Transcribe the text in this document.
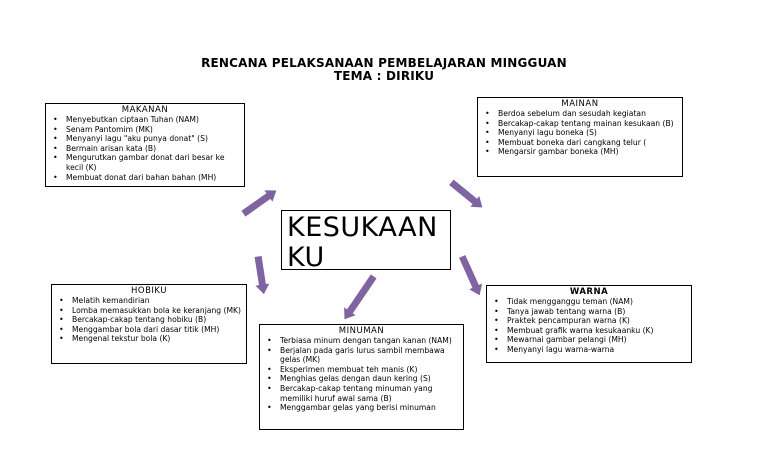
RENCANA PELAKSANAAN PEMBELAJARAN MINGGUAN
TEMA : DIRIKU
MAKANAN
• Menyebutkan ciptaan Tuhan (NAM)
• Senam Pantomim (MK)
• Menyanyi lagu "aku punya donat" (S)
• Bermain arisan kata (B)
• Mengurutkan gambar donat dari besar ke kecil (K)
• Membuat donat dari bahan bahan (MH)
MAINAN
• Berdoa sebelum dan sesudah kegiatan
• Bercakap-cakap tentang mainan kesukaan (B)
• Menyanyi lagu boneka (S)
• Membuat boneka dari cangkang telur (
• Mengarsir gambar boneka (MH)
KESUKAAN KU
HOBIKU
• Melatih kemandirian
• Lomba memasukkan bola ke keranjang (MK)
• Bercakap-cakap tentang hobiku (B)
• Menggambar bola dari dasar titik (MH)
• Mengenal tekstur bola (K)
MINUMAN
• Terbiasa minum dengan tangan kanan (NAM)
• Berjalan pada garis lurus sambil membawa gelas (MK)
• Eksperimen membuat teh manis (K)
• Menghias gelas dengan daun kering (S)
• Bercakap-cakap tentang minuman yang memiliki huruf awal sama (B)
• Menggambar gelas yang berisi minuman
WARNA
• Tidak mengganggu teman (NAM)
• Tanya jawab tentang warna (B)
• Praktek pencampuran warna (K)
• Membuat grafik warna kesukaanku (K)
• Mewarnai gambar pelangi (MH)
• Menyanyi lagu warna-warna
